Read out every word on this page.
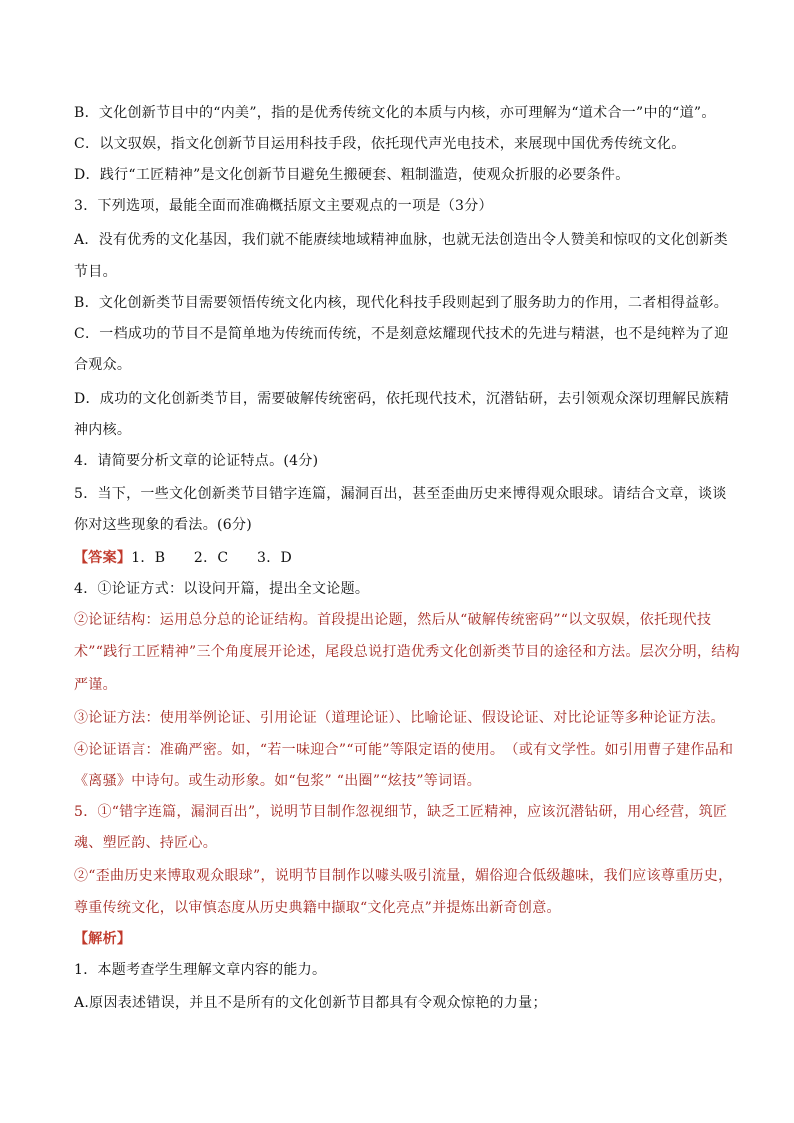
B．文化创新节目中的“内美”，指的是优秀传统文化的本质与内核，亦可理解为“道术合一”中的“道”。
C．以文驭娱，指文化创新节目运用科技手段，依托现代声光电技术，来展现中国优秀传统文化。
D．践行“工匠精神”是文化创新节目避免生搬硬套、粗制滥造，使观众折服的必要条件。
3．下列选项，最能全面而准确概括原文主要观点的一项是（3分）
A．没有优秀的文化基因，我们就不能赓续地域精神血脉，也就无法创造出令人赞美和惊叹的文化创新类
节目。
B．文化创新类节目需要领悟传统文化内核，现代化科技手段则起到了服务助力的作用，二者相得益彰。
C．一档成功的节目不是简单地为传统而传统，不是刻意炫耀现代技术的先进与精湛，也不是纯粹为了迎
合观众。
D．成功的文化创新类节目，需要破解传统密码，依托现代技术，沉潜钻研，去引领观众深切理解民族精
神内核。
4．请简要分析文章的论证特点。(4分)
5．当下，一些文化创新类节目错字连篇，漏洞百出，甚至歪曲历史来博得观众眼球。请结合文章，谈谈
你对这些现象的看法。(6分)
【答案】1．B　　2．C　　3．D
4．①论证方式：以设问开篇，提出全文论题。
②论证结构：运用总分总的论证结构。首段提出论题，然后从“破解传统密码”“以文驭娱，依托现代技
术”“践行工匠精神”三个角度展开论述，尾段总说打造优秀文化创新类节目的途径和方法。层次分明，结构
严谨。
③论证方法：使用举例论证、引用论证（道理论证）、比喻论证、假设论证、对比论证等多种论证方法。
④论证语言：准确严密。如，“若一味迎合”“可能”等限定语的使用。　（或有文学性。如引用曹子建作品和
《离骚》中诗句。或生动形象。如“包浆” “出圈”“炫技”等词语。
5．①“错字连篇，漏洞百出”，说明节目制作忽视细节，缺乏工匠精神，应该沉潜钻研，用心经营，筑匠
魂、塑匠韵、持匠心。
②“歪曲历史来博取观众眼球”，说明节目制作以噱头吸引流量，媚俗迎合低级趣味，我们应该尊重历史，
尊重传统文化，以审慎态度从历史典籍中撷取“文化亮点”并提炼出新奇创意。
【解析】
1．本题考查学生理解文章内容的能力。
A.原因表述错误，并且不是所有的文化创新节目都具有令观众惊艳的力量；
